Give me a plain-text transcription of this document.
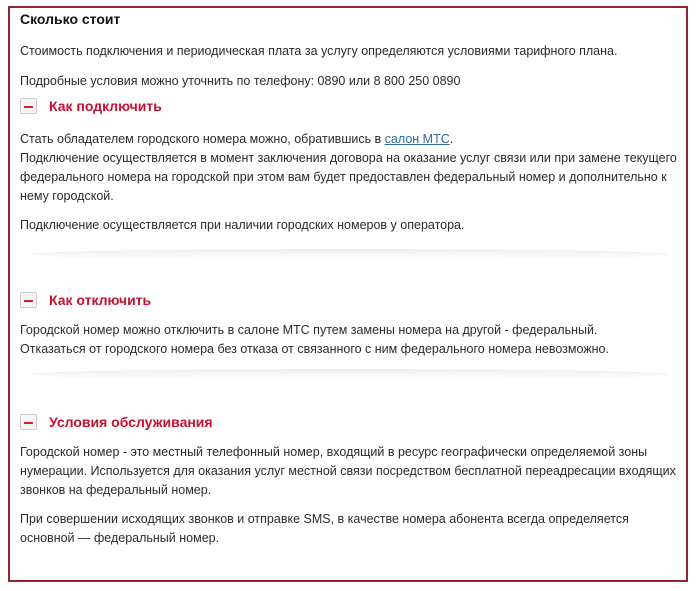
Сколько стоит

Стоимость подключения и периодическая плата за услугу определяются условиями тарифного плана.

Подробные условия можно уточнить по телефону: 0890 или 8 800 250 0890

Как подключить

Стать обладателем городского номера можно, обратившись в салон МТС.

Подключение осуществляется в момент заключения договора на оказание услуг связи или при замене текущего федерального номера на городской при этом вам будет предоставлен федеральный номер и дополнительно к нему городской.

Подключение осуществляется при наличии городских номеров у оператора.

Как отключить

Городской номер можно отключить в салоне МТС путем замены номера на другой - федеральный.

Отказаться от городского номера без отказа от связанного с ним федерального номера невозможно.

Условия обслуживания

Городской номер - это местный телефонный номер, входящий в ресурс географически определяемой зоны нумерации. Используется для оказания услуг местной связи посредством бесплатной переадресации входящих звонков на федеральный номер.

При совершении исходящих звонков и отправке SMS, в качестве номера абонента всегда определяется основной — федеральный номер.
